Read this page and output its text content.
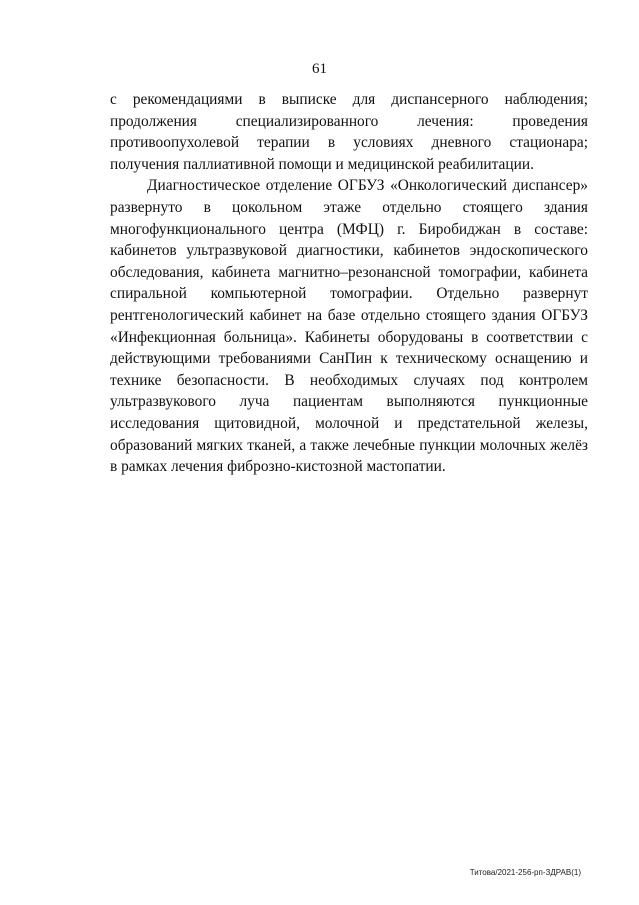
61

с рекомендациями в выписке для диспансерного наблюдения; продолжения специализированного лечения: проведения противоопухолевой терапии в условиях дневного стационара; получения паллиативной помощи и медицинской реабилитации.

Диагностическое отделение ОГБУЗ «Онкологический диспансер» развернуто в цокольном этаже отдельно стоящего здания многофункционального центра (МФЦ) г. Биробиджан в составе: кабинетов ультразвуковой диагностики, кабинетов эндоскопического обследования, кабинета магнитно–резонансной томографии, кабинета спиральной компьютерной томографии. Отдельно развернут рентгенологический кабинет на базе отдельно стоящего здания ОГБУЗ «Инфекционная больница». Кабинеты оборудованы в соответствии с действующими требованиями СанПин к техническому оснащению и технике безопасности. В необходимых случаях под контролем ультразвукового луча пациентам выполняются пункционные исследования щитовидной, молочной и предстательной железы, образований мягких тканей, а также лечебные пункции молочных желёз в рамках лечения фиброзно-кистозной мастопатии.

Титова/2021-256-рп-ЗДРАВ(1)
